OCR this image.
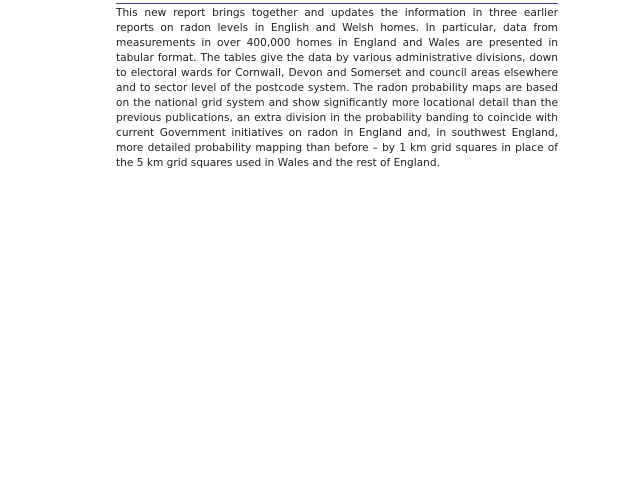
This new report brings together and updates the information in three earlier reports on radon levels in English and Welsh homes. In particular, data from measurements in over 400,000 homes in England and Wales are presented in tabular format. The tables give the data by various administrative divisions, down to electoral wards for Cornwall, Devon and Somerset and council areas elsewhere and to sector level of the postcode system. The radon probability maps are based on the national grid system and show significantly more locational detail than the previous publications, an extra division in the probability banding to coincide with current Government initiatives on radon in England and, in southwest England, more detailed probability mapping than before – by 1 km grid squares in place of the 5 km grid squares used in Wales and the rest of England.
